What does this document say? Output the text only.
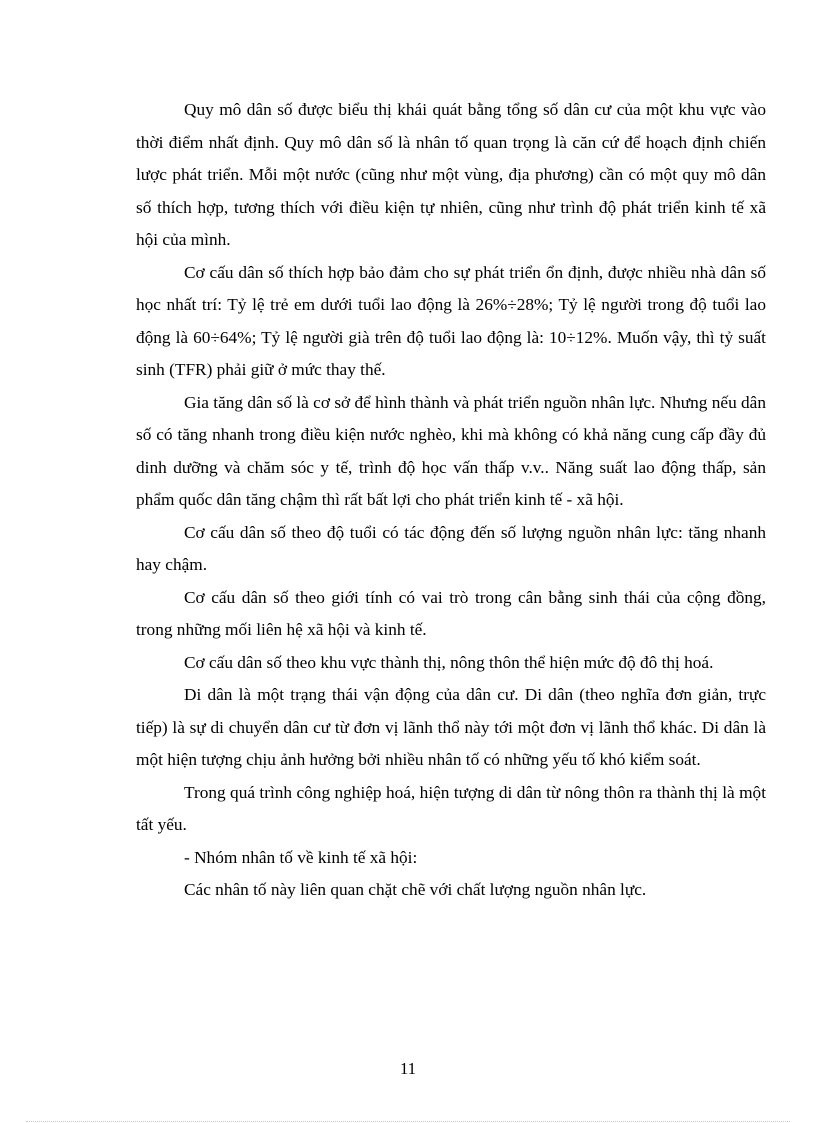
Quy mô dân số được biểu thị khái quát bằng tổng số dân cư của một khu vực vào thời điểm nhất định. Quy mô dân số là nhân tố quan trọng là căn cứ để hoạch định chiến lược phát triển. Mỗi một nước (cũng như một vùng, địa phương) cần có một quy mô dân số thích hợp, tương thích với điều kiện tự nhiên, cũng như trình độ phát triển kinh tế xã hội của mình.

Cơ cấu dân số thích hợp bảo đảm cho sự phát triển ổn định, được nhiều nhà dân số học nhất trí: Tỷ lệ trẻ em dưới tuổi lao động là 26%÷28%; Tỷ lệ người trong độ tuổi lao động là 60÷64%; Tỷ lệ người già trên độ tuổi lao động là: 10÷12%. Muốn vậy, thì tỷ suất sinh (TFR) phải giữ ở mức thay thế.

Gia tăng dân số là cơ sở để hình thành và phát triển nguồn nhân lực. Nhưng nếu dân số có tăng nhanh trong điều kiện nước nghèo, khi mà không có khả năng cung cấp đầy đủ dinh dưỡng và chăm sóc y tế, trình độ học vấn thấp v.v.. Năng suất lao động thấp, sản phẩm quốc dân tăng chậm thì rất bất lợi cho phát triển kinh tế - xã hội.

Cơ cấu dân số theo độ tuổi có tác động đến số lượng nguồn nhân lực: tăng nhanh hay chậm.

Cơ cấu dân số theo giới tính có vai trò trong cân bằng sinh thái của cộng đồng, trong những mối liên hệ xã hội và kinh tế.

Cơ cấu dân số theo khu vực thành thị, nông thôn thể hiện mức độ đô thị hoá.

Di dân là một trạng thái vận động của dân cư. Di dân (theo nghĩa đơn giản, trực tiếp) là sự di chuyển dân cư từ đơn vị lãnh thổ này tới một đơn vị lãnh thổ khác. Di dân là một hiện tượng chịu ảnh hưởng bởi nhiều nhân tố có những yếu tố khó kiểm soát.

Trong quá trình công nghiệp hoá, hiện tượng di dân từ nông thôn ra thành thị là một tất yếu.

- Nhóm nhân tố về kinh tế xã hội:

Các nhân tố này liên quan chặt chẽ với chất lượng nguồn nhân lực.

11
